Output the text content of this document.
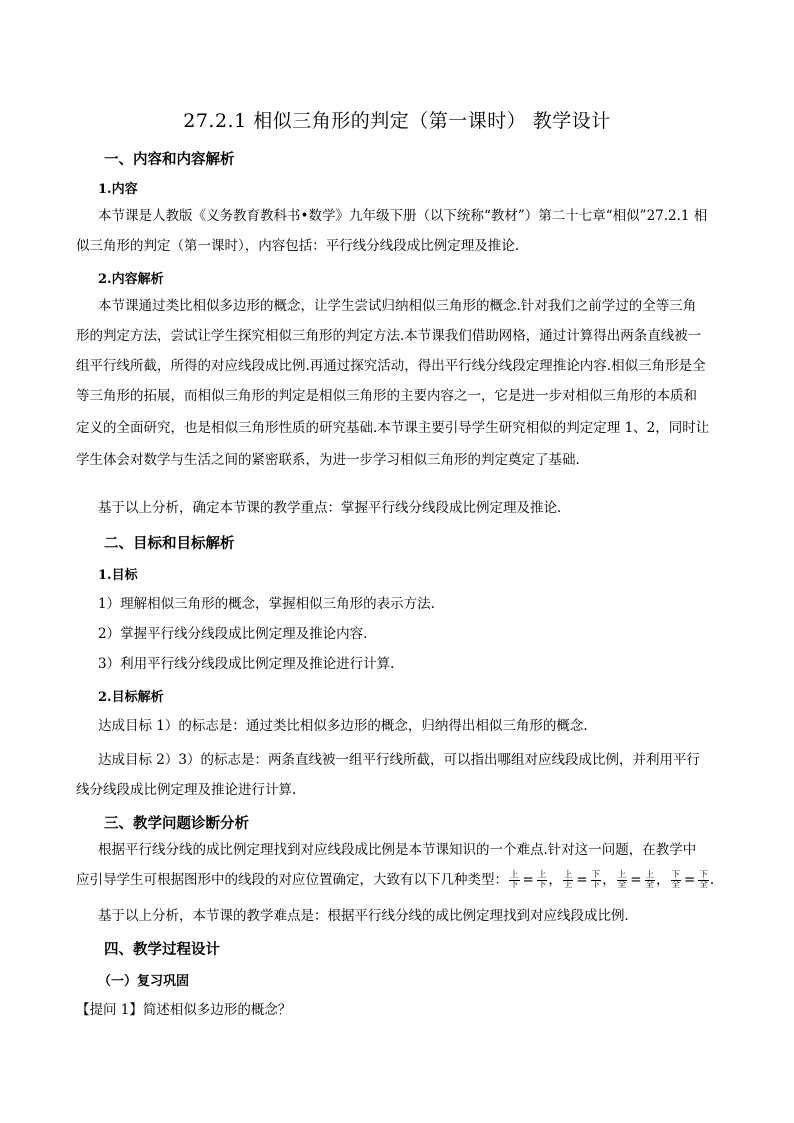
27.2.1 相似三角形的判定（第一课时） 教学设计
一、内容和内容解析
1.内容
本节课是人教版《义务教育教科书•数学》九年级下册（以下统称“教材”）第二十七章“相似”27.2.1 相
似三角形的判定（第一课时），内容包括：平行线分线段成比例定理及推论.
2.内容解析
本节课通过类比相似多边形的概念，让学生尝试归纳相似三角形的概念.针对我们之前学过的全等三角
形的判定方法，尝试让学生探究相似三角形的判定方法.本节课我们借助网格，通过计算得出两条直线被一
组平行线所截，所得的对应线段成比例.再通过探究活动，得出平行线分线段定理推论内容.相似三角形是全
等三角形的拓展，而相似三角形的判定是相似三角形的主要内容之一，它是进一步对相似三角形的本质和
定义的全面研究，也是相似三角形性质的研究基础.本节课主要引导学生研究相似的判定定理 1、2，同时让
学生体会对数学与生活之间的紧密联系，为进一步学习相似三角形的判定奠定了基础.
基于以上分析，确定本节课的教学重点：掌握平行线分线段成比例定理及推论．
二、目标和目标解析
1.目标
1）理解相似三角形的概念，掌握相似三角形的表示方法.
2）掌握平行线分线段成比例定理及推论内容.
3）利用平行线分线段成比例定理及推论进行计算.
2.目标解析
达成目标 1）的标志是：通过类比相似多边形的概念，归纳得出相似三角形的概念.
达成目标 2）3）的标志是：两条直线被一组平行线所截，可以指出哪组对应线段成比例，并利用平行
线分线段成比例定理及推论进行计算.
三、教学问题诊断分析
根据平行线分线的成比例定理找到对应线段成比例是本节课知识的一个难点.针对这一问题，在教学中
应引导学生可根据图形中的线段的对应位置确定，大致有以下几种类型： $\frac{\text{上}}{\text{下}} = \frac{\text{上}}{\text{下}}$ ， $\frac{\text{上}}{\text{上}} = \frac{\text{下}}{\text{下}}$ ， $\frac{\text{上}}{\text{全}} = \frac{\text{上}}{\text{全}}$ ， $\frac{\text{下}}{\text{全}} = \frac{\text{下}}{\text{全}}$ .
基于以上分析，本节课的教学难点是：根据平行线分线的成比例定理找到对应线段成比例．
四、教学过程设计
（一）复习巩固
【提问 1】简述相似多边形的概念？
